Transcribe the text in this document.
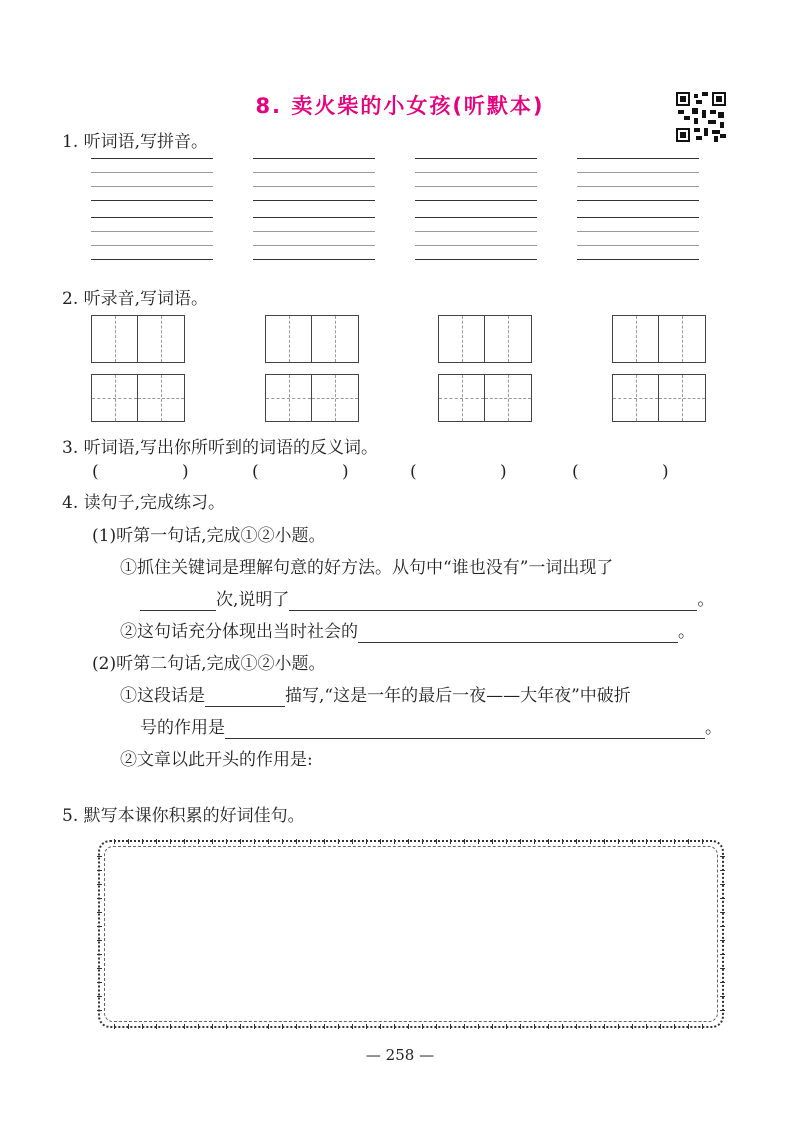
8. 卖火柴的小女孩(听默本)
1. 听词语,写拼音。
2. 听录音,写词语。
3. 听词语,写出你所听到的词语的反义词。
(	)	(	)	(	)	(	)
4. 读句子,完成练习。
(1)听第一句话,完成①②小题。
①抓住关键词是理解句意的好方法。从句中“谁也没有”一词出现了
次,说明了	。
②这句话充分体现出当时社会的	。
(2)听第二句话,完成①②小题。
①这段话是	描写,“这是一年的最后一夜——大年夜”中破折
号的作用是	。
②文章以此开头的作用是:
5. 默写本课你积累的好词佳句。
— 258 —
